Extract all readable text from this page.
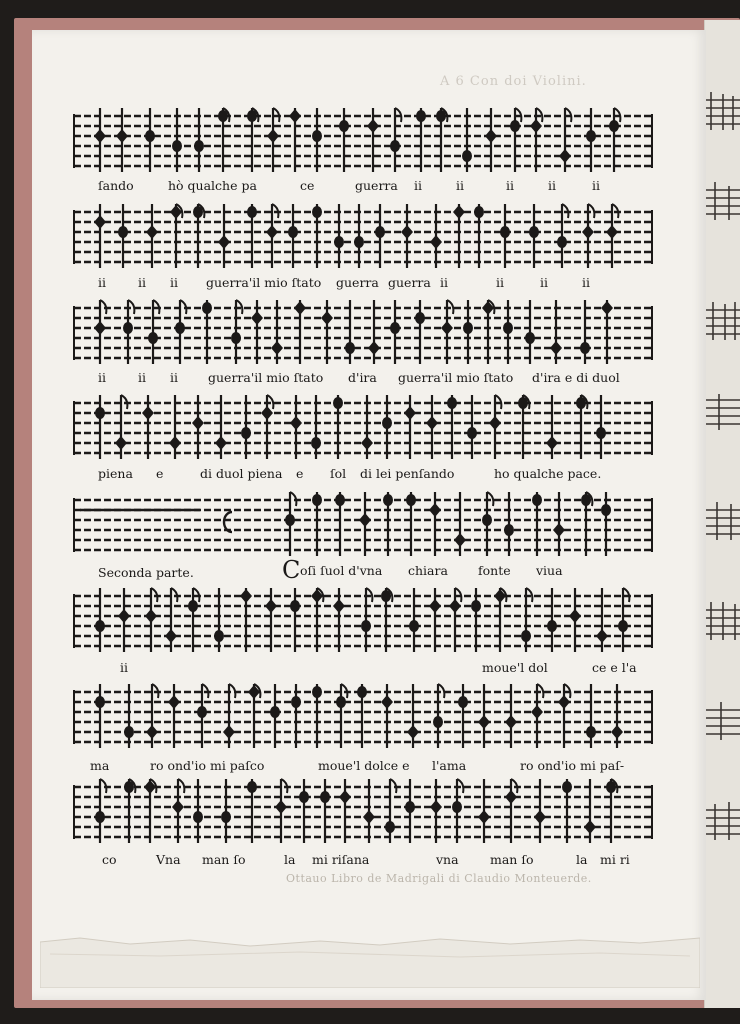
A 6 Con doi Violini.
Ottauo Libro de Madrigali di Claudio Monteuerde.
ſando	hò qualche pa	ce	guerra ii	ii	ii	ii	ii
ii	ii ii guerra'il mio ſtato guerra guerra ii	ii	ii	ii
ii	ii ii guerra'il mio ſtato d'ira guerra'il mio ſtato d'ira e di duol
piena e	di duol piena e ſol di lei penſando	ho qualche pace.
Seconda parte.	C oſi ſuol d'vna chiara fonte viua
ii	moue'l dol	ce e l'a
ma	ro ond'io mi paſco	moue'l dolce e l'ama	ro ond'io mi paſ-
co	Vna man ſo	la mi riſana	vna	man ſo	la mi ri
